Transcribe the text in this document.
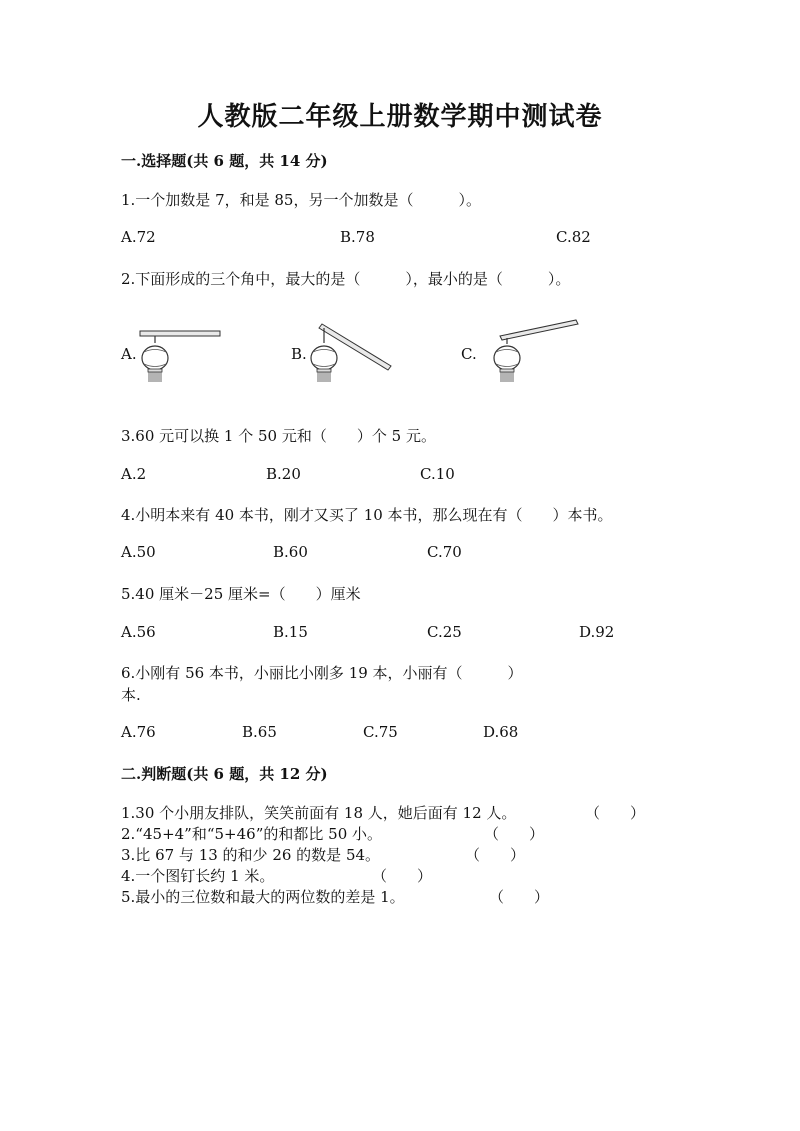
人教版二年级上册数学期中测试卷
一.选择题(共 6 题，共 14 分)
1.一个加数是 7，和是 85，另一个加数是（　　　）。
A.72	B.78	C.82
2.下面形成的三个角中，最大的是（　　　），最小的是（　　　）。
A.	B.	C.
3.60 元可以换 1 个 50 元和（　　）个 5 元。
A.2	B.20	C.10
4.小明本来有 40 本书，刚才又买了 10 本书，那么现在有（　　）本书。
A.50	B.60	C.70
5.40 厘米－25 厘米=（　　）厘米
A.56	B.15	C.25	D.92
6.小刚有 56 本书，小丽比小刚多 19 本，小丽有（　　　）
本.
A.76	B.65	C.75	D.68
二.判断题(共 6 题，共 12 分)
1.30 个小朋友排队，笑笑前面有 18 人，她后面有 12 人。	（　　）
2.“45+4”和“5+46”的和都比 50 小。	（　　）
3.比 67 与 13 的和少 26 的数是 54。	（　　）
4.一个图钉长约 1 米。	（　　）
5.最小的三位数和最大的两位数的差是 1。	（　　）
